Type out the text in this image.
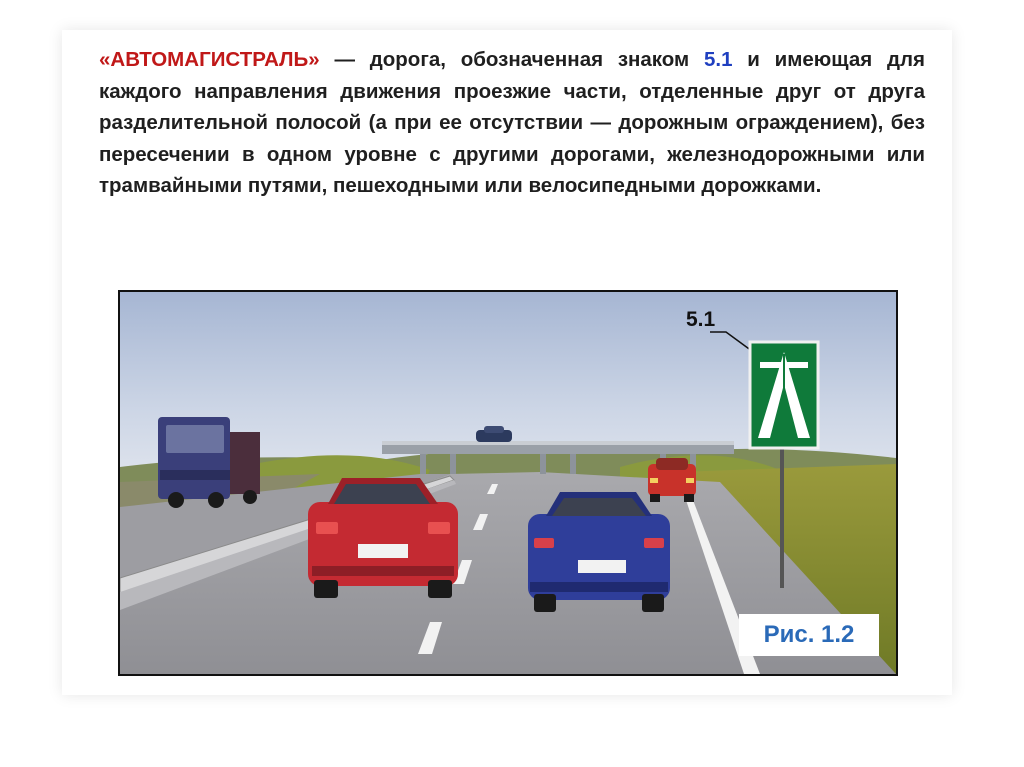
«АВТОМАГИСТРАЛЬ» — дорога, обозначенная знаком 5.1 и имеющая для каждого направления движения проезжие части, отделенные друг от друга разделительной полосой (а при ее отсутствии — дорожным ограждением), без пересечении в одном уровне с другими дорогами, железнодорожными или трамвайными путями, пешеходными или велосипедными дорожками.

5.1
Рис. 1.2
